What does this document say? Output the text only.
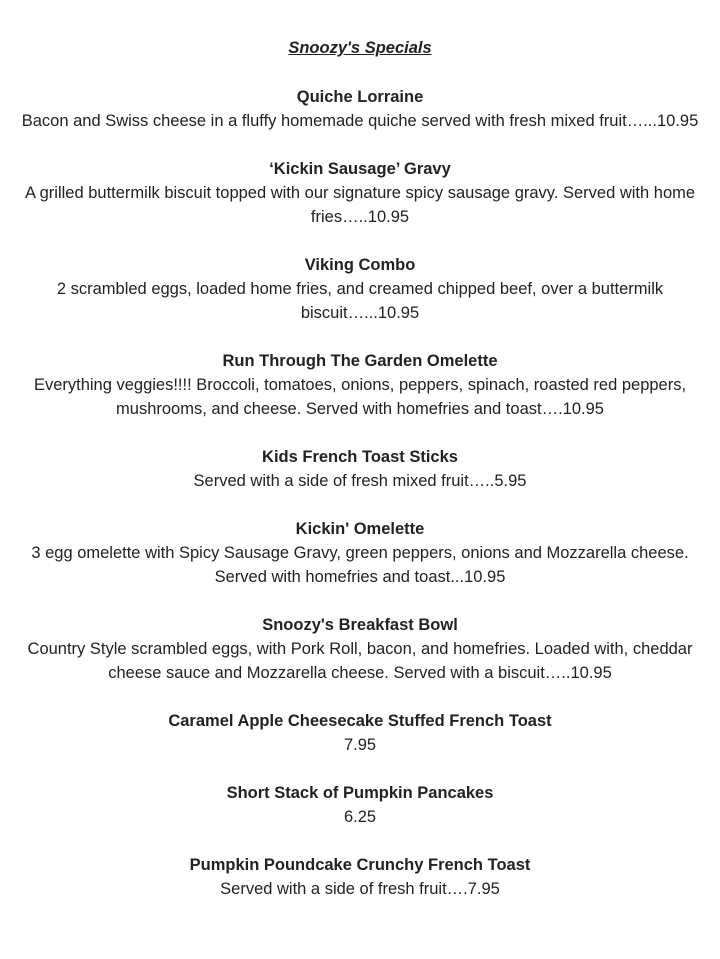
Snoozy's Specials
Quiche Lorraine
Bacon and Swiss cheese in a fluffy homemade quiche served with fresh mixed fruit…...10.95
‘Kickin Sausage’ Gravy
A grilled buttermilk biscuit topped with our signature spicy sausage gravy. Served with home fries…..10.95
Viking Combo
2 scrambled eggs, loaded home fries, and creamed chipped beef, over a buttermilk biscuit…...10.95
Run Through The Garden Omelette
Everything veggies!!!! Broccoli, tomatoes, onions, peppers, spinach, roasted red peppers, mushrooms, and cheese. Served with homefries and toast….10.95
Kids French Toast Sticks
Served with a side of fresh mixed fruit…..5.95
Kickin' Omelette
3 egg omelette with Spicy Sausage Gravy, green peppers, onions and Mozzarella cheese. Served with homefries and toast...10.95
Snoozy's Breakfast Bowl
Country Style scrambled eggs, with Pork Roll, bacon, and homefries. Loaded with, cheddar cheese sauce and Mozzarella cheese. Served with a biscuit…..10.95
Caramel Apple Cheesecake Stuffed French Toast
7.95
Short Stack of Pumpkin Pancakes
6.25
Pumpkin Poundcake Crunchy French Toast
Served with a side of fresh fruit….7.95
